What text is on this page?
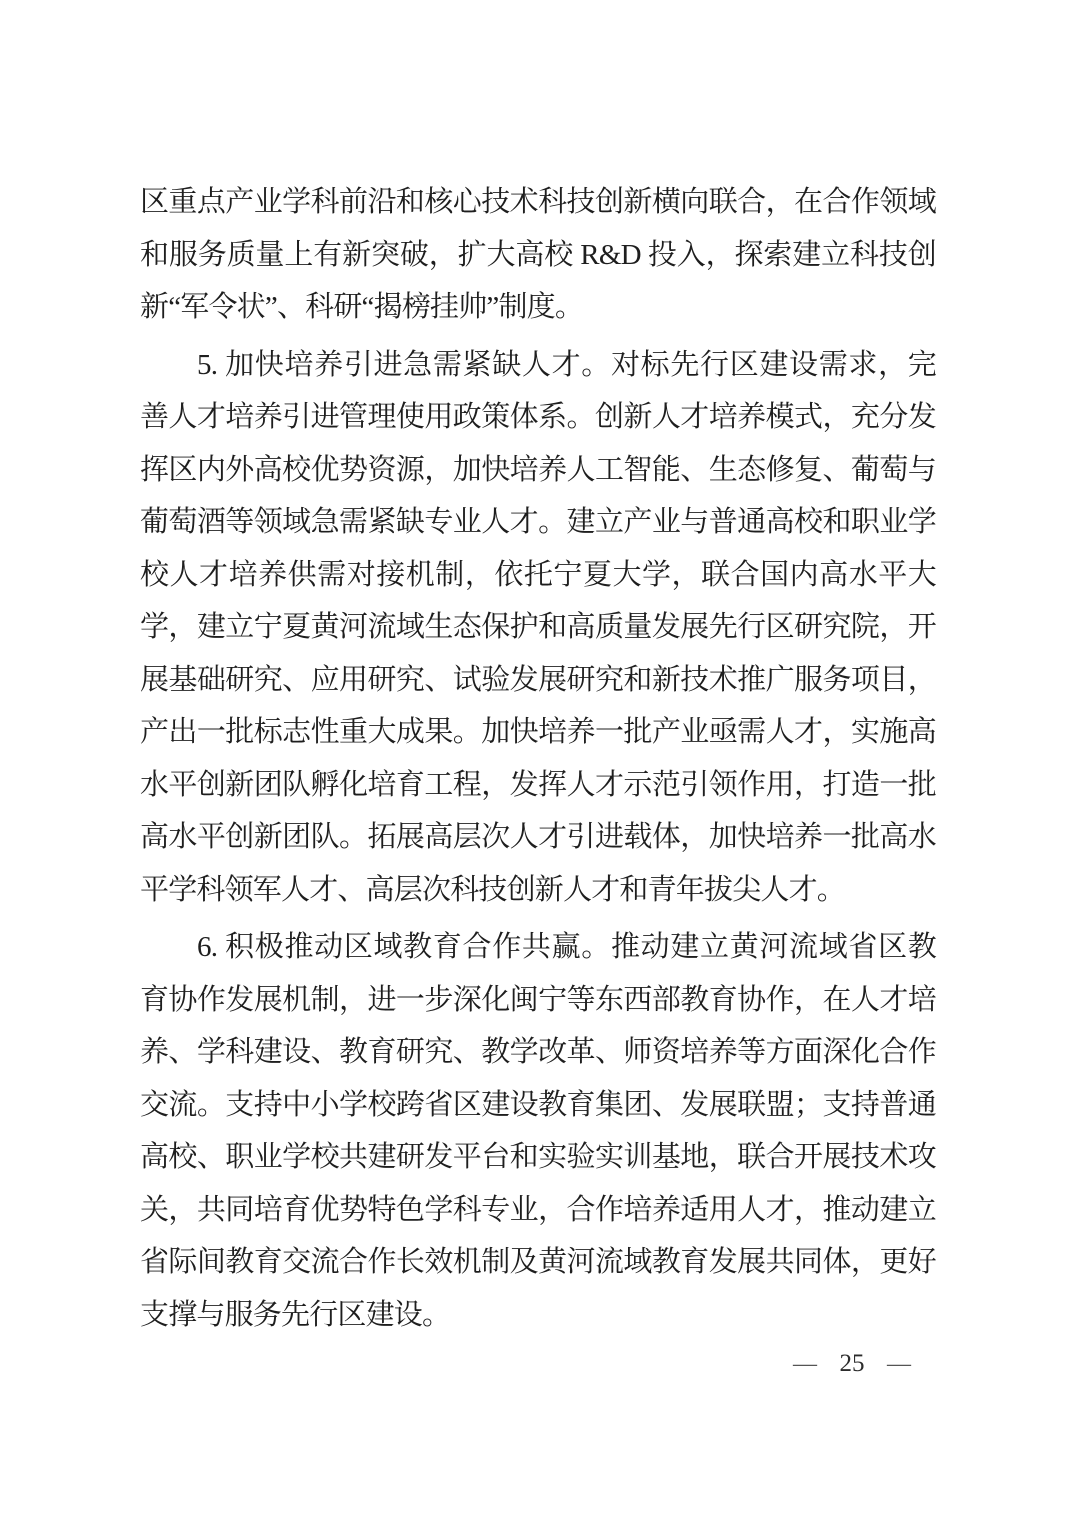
区重点产业学科前沿和核心技术科技创新横向联合，在合作领域
和服务质量上有新突破，扩大高校 R&D 投入，探索建立科技创
新“军令状”、科研“揭榜挂帅”制度。
5. 加快培养引进急需紧缺人才。对标先行区建设需求，完
善人才培养引进管理使用政策体系。创新人才培养模式，充分发
挥区内外高校优势资源，加快培养人工智能、生态修复、葡萄与
葡萄酒等领域急需紧缺专业人才。建立产业与普通高校和职业学
校人才培养供需对接机制，依托宁夏大学，联合国内高水平大
学，建立宁夏黄河流域生态保护和高质量发展先行区研究院，开
展基础研究、应用研究、试验发展研究和新技术推广服务项目，
产出一批标志性重大成果。加快培养一批产业亟需人才，实施高
水平创新团队孵化培育工程，发挥人才示范引领作用，打造一批
高水平创新团队。拓展高层次人才引进载体，加快培养一批高水
平学科领军人才、高层次科技创新人才和青年拔尖人才。
6. 积极推动区域教育合作共赢。推动建立黄河流域省区教
育协作发展机制，进一步深化闽宁等东西部教育协作，在人才培
养、学科建设、教育研究、教学改革、师资培养等方面深化合作
交流。支持中小学校跨省区建设教育集团、发展联盟；支持普通
高校、职业学校共建研发平台和实验实训基地，联合开展技术攻
关，共同培育优势特色学科专业，合作培养适用人才，推动建立
省际间教育交流合作长效机制及黄河流域教育发展共同体，更好
支撑与服务先行区建设。
— 25 —
